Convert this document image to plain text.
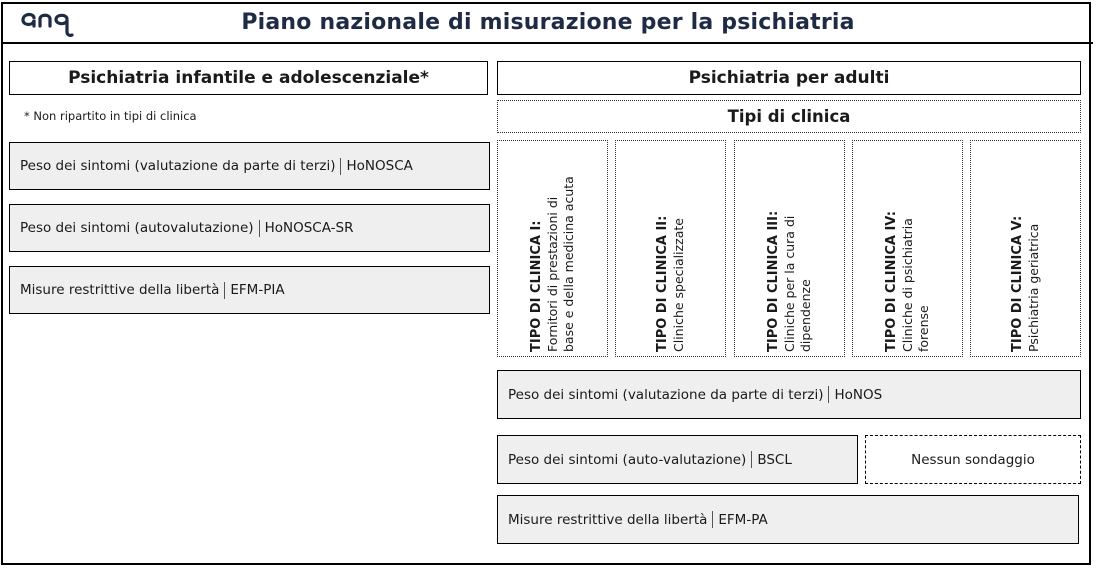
Piano nazionale di misurazione per la psichiatria
Psichiatria infantile e adolescenziale*
* Non ripartito in tipi di clinica
Peso dei sintomi (valutazione da parte di terzi) HoNOSCA
Peso dei sintomi (autovalutazione) HoNOSCA-SR
Misure restrittive della libertà EFM-PIA
Psichiatria per adulti
Tipi di clinica
TIPO DI CLINICA I: Fornitori di prestazioni di
base e della medicina acuta	TIPO DI CLINICA II: Cliniche specializzate	TIPO DI CLINICA III: Cliniche per la cura di
dipendenze	TIPO DI CLINICA IV: Cliniche di psichiatria
forense	TIPO DI CLINICA V: Psichiatria geriatrica
Peso dei sintomi (valutazione da parte di terzi) HoNOS
Peso dei sintomi (auto-valutazione) BSCL	Nessun sondaggio
Misure restrittive della libertà EFM-PA
